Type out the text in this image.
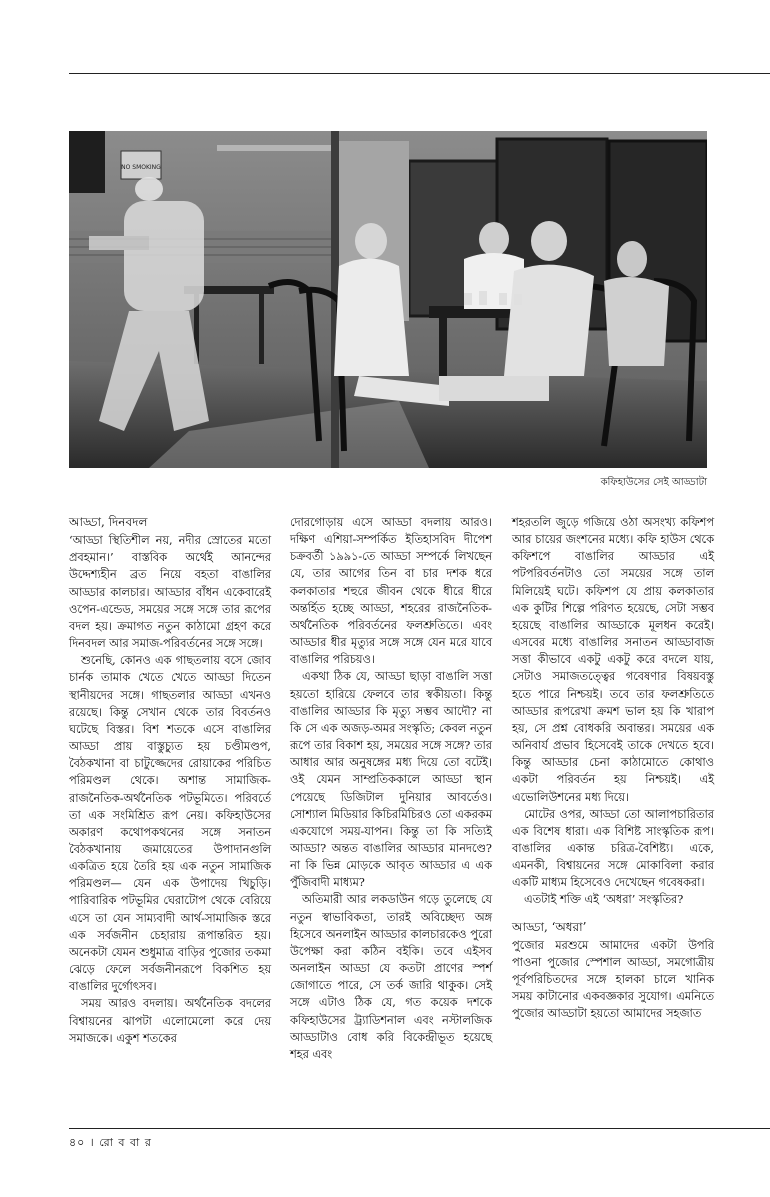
NO SMOKING
কফিহাউসের সেই আড্ডাটা

আড্ডা, দিনবদল

‘আড্ডা স্থিতিশীল নয়, নদীর স্রোতের মতো প্রবহমান।’ বাস্তবিক অর্থেই আনন্দের উদ্দেশ্যহীন ব্রত নিয়ে বহতা বাঙালির আড্ডার কালচার। আড্ডার বাঁধন একেবারেই ওপেন-এন্ডেড, সময়ের সঙ্গে সঙ্গে তার রূপের বদল হয়। ক্রমাগত নতুন কাঠামো গ্রহণ করে দিনবদল আর সমাজ-পরিবর্তনের সঙ্গে সঙ্গে।

শুনেছি, কোনও এক গাছতলায় বসে জোব চার্নক তামাক খেতে খেতে আড্ডা দিতেন স্থানীয়দের সঙ্গে। গাছতলার আড্ডা এখনও রয়েছে। কিন্তু সেখান থেকে তার বিবর্তনও ঘটেছে বিস্তর। বিশ শতকে এসে বাঙালির আড্ডা প্রায় বাস্তুচ্যুত হয় চণ্ডীমণ্ডপ, বৈঠকখানা বা চাটুজ্জেদের রোয়াকের পরিচিত পরিমণ্ডল থেকে। অশান্ত সামাজিক-রাজনৈতিক-অর্থনৈতিক পটভূমিতে। পরিবর্তে তা এক সংমিশ্রিত রূপ নেয়। কফিহাউসের অকারণ কথোপকথনের সঙ্গে সনাতন বৈঠকখানায় জমায়েতের উপাদানগুলি একত্রিত হয়ে তৈরি হয় এক নতুন সামাজিক পরিমণ্ডল— যেন এক উপাদেয় খিচুড়ি। পারিবারিক পটভূমির ঘেরাটোপ থেকে বেরিয়ে এসে তা যেন সাম্যবাদী আর্থ-সামাজিক স্তরে এক সর্বজনীন চেহারায় রূপান্তরিত হয়। অনেকটা যেমন শুধুমাত্র বাড়ির পুজোর তকমা ঝেড়ে ফেলে সর্বজনীনরূপে বিকশিত হয় বাঙালির দুর্গোৎসব।

সময় আরও বদলায়। অর্থনৈতিক বদলের বিশ্বায়নের ঝাপটা এলোমেলো করে দেয় সমাজকে। একুশ শতকের

দোরগোড়ায় এসে আড্ডা বদলায় আরও। দক্ষিণ এশিয়া-সম্পর্কিত ইতিহাসবিদ দীপেশ চক্রবর্তী ১৯৯১-তে আড্ডা সম্পর্কে লিখছেন যে, তার আগের তিন বা চার দশক ধরে কলকাতার শহুরে জীবন থেকে ধীরে ধীরে অন্তর্হিত হচ্ছে আড্ডা, শহরের রাজনৈতিক-অর্থনৈতিক পরিবর্তনের ফলশ্রুতিতে। এবং আড্ডার ধীর মৃত্যুর সঙ্গে সঙ্গে যেন মরে যাবে বাঙালির পরিচয়ও।

একথা ঠিক যে, আড্ডা ছাড়া বাঙালি সত্তা হয়তো হারিয়ে ফেলবে তার স্বকীয়তা। কিন্তু বাঙালির আড্ডার কি মৃত্যু সম্ভব আদৌ? না কি সে এক অজড়-অমর সংস্কৃতি; কেবল নতুন রূপে তার বিকাশ হয়, সময়ের সঙ্গে সঙ্গে? তার আধার আর অনুষঙ্গের মধ্য দিয়ে তো বটেই। ওই যেমন সাম্প্রতিককালে আড্ডা স্থান পেয়েছে ডিজিটাল দুনিয়ার আবর্তেও। সোশ্যাল মিডিয়ার কিচিরমিচিরও তো একরকম একযোগে সময়-যাপন। কিন্তু তা কি সত্যিই আড্ডা? অন্তত বাঙালির আড্ডার মানদণ্ডে? না কি ভিন্ন মোড়কে আবৃত আড্ডার এ এক পুঁজিবাদী মাধ্যম?

অতিমারী আর লকডাউন গড়ে তুলেছে যে নতুন স্বাভাবিকতা, তারই অবিচ্ছেদ্য অঙ্গ হিসেবে অনলাইন আড্ডার কালচারকেও পুরো উপেক্ষা করা কঠিন বইকি। তবে এইসব অনলাইন আড্ডা যে কতটা প্রাণের স্পর্শ জোগাতে পারে, সে তর্ক জারি থাকুক। সেই সঙ্গে এটাও ঠিক যে, গত কয়েক দশকে কফিহাউসের ট্র্যাডিশনাল এবং নস্টালজিক আড্ডাটাও বোধ করি বিকেন্দ্রীভূত হয়েছে শহর এবং

শহরতলি জুড়ে গজিয়ে ওঠা অসংখ্য কফিশপ আর চায়ের জংশনের মধ্যে। কফি হাউস থেকে কফিশপে বাঙালির আড্ডার এই পটপরিবর্তনটাও তো সময়ের সঙ্গে তাল মিলিয়েই ঘটে। কফিশপ যে প্রায় কলকাতার এক কুটির শিল্পে পরিণত হয়েছে, সেটা সম্ভব হয়েছে বাঙালির আড্ডাকে মূলধন করেই। এসবের মধ্যে বাঙালির সনাতন আড্ডাবাজ সত্তা কীভাবে একটু একটু করে বদলে যায়, সেটাও সমাজতত্ত্বের গবেষণার বিষয়বস্তু হতে পারে নিশ্চয়ই। তবে তার ফলশ্রুতিতে আড্ডার রূপরেখা ক্রমশ ভাল হয় কি খারাপ হয়, সে প্রশ্ন বোধকরি অবান্তর। সময়ের এক অনিবার্য প্রভাব হিসেবেই তাকে দেখতে হবে। কিন্তু আড্ডার চেনা কাঠামোতে কোথাও একটা পরিবর্তন হয় নিশ্চয়ই। এই এভোলিউশনের মধ্য দিয়ে।

মোটের ওপর, আড্ডা তো আলাপচারিতার এক বিশেষ ধারা। এক বিশিষ্ট সাংস্কৃতিক রূপ। বাঙালির একান্ত চরিত্র-বৈশিষ্ট্য। একে, এমনকী, বিশ্বায়নের সঙ্গে মোকাবিলা করার একটি মাধ্যম হিসেবেও দেখেছেন গবেষকরা।

এতটাই শক্তি এই ‘অধরা’ সংস্কৃতির?

আড্ডা, ‘অধরা’

পুজোর মরশুমে আমাদের একটা উপরি পাওনা পুজোর স্পেশাল আড্ডা, সমগোত্রীয় পূর্বপরিচিতদের সঙ্গে হালকা চালে খানিক সময় কাটানোর একবজ্ঞকার সুযোগ। এমনিতে পুজোর আড্ডাটা হয়তো আমাদের সহজাত

৪০ । রো ব বা র
